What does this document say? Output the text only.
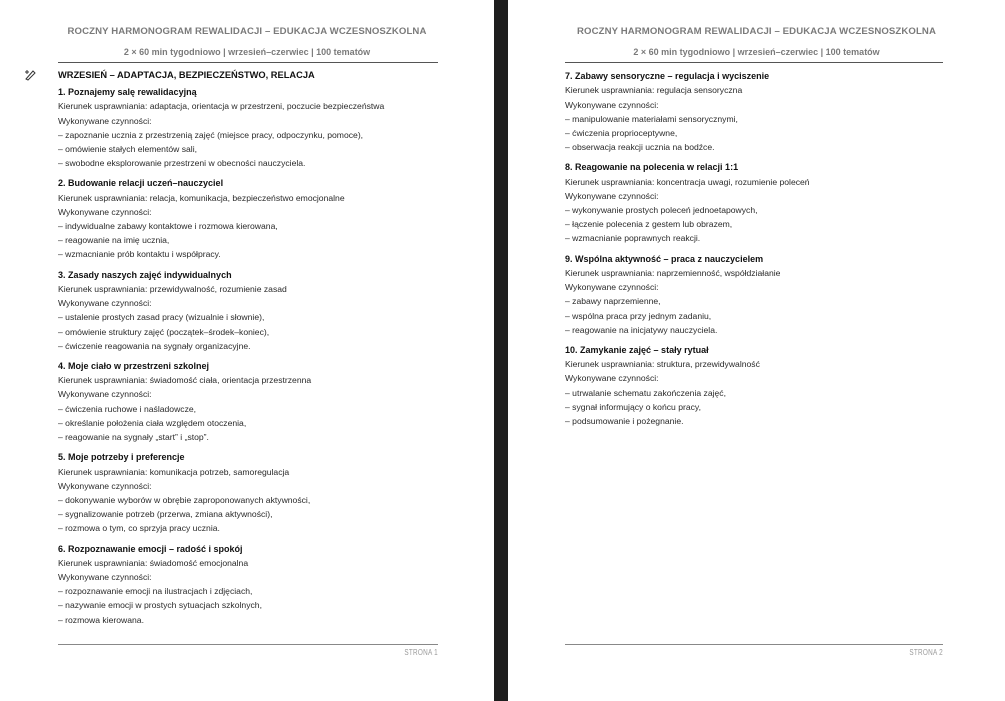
ROCZNY HARMONOGRAM REWALIDACJI – EDUKACJA WCZESNOSZKOLNA
2 × 60 min tygodniowo | wrzesień–czerwiec | 100 tematów
WRZESIEŃ – ADAPTACJA, BEZPIECZEŃSTWO, RELACJA
1. Poznajemy salę rewalidacyjną
Kierunek usprawniania: adaptacja, orientacja w przestrzeni, poczucie bezpieczeństwa
Wykonywane czynności:
– zapoznanie ucznia z przestrzenią zajęć (miejsce pracy, odpoczynku, pomoce),
– omówienie stałych elementów sali,
– swobodne eksplorowanie przestrzeni w obecności nauczyciela.
2. Budowanie relacji uczeń–nauczyciel
Kierunek usprawniania: relacja, komunikacja, bezpieczeństwo emocjonalne
Wykonywane czynności:
– indywidualne zabawy kontaktowe i rozmowa kierowana,
– reagowanie na imię ucznia,
– wzmacnianie prób kontaktu i współpracy.
3. Zasady naszych zajęć indywidualnych
Kierunek usprawniania: przewidywalność, rozumienie zasad
Wykonywane czynności:
– ustalenie prostych zasad pracy (wizualnie i słownie),
– omówienie struktury zajęć (początek–środek–koniec),
– ćwiczenie reagowania na sygnały organizacyjne.
4. Moje ciało w przestrzeni szkolnej
Kierunek usprawniania: świadomość ciała, orientacja przestrzenna
Wykonywane czynności:
– ćwiczenia ruchowe i naśladowcze,
– określanie położenia ciała względem otoczenia,
– reagowanie na sygnały „start” i „stop”.
5. Moje potrzeby i preferencje
Kierunek usprawniania: komunikacja potrzeb, samoregulacja
Wykonywane czynności:
– dokonywanie wyborów w obrębie zaproponowanych aktywności,
– sygnalizowanie potrzeb (przerwa, zmiana aktywności),
– rozmowa o tym, co sprzyja pracy ucznia.
6. Rozpoznawanie emocji – radość i spokój
Kierunek usprawniania: świadomość emocjonalna
Wykonywane czynności:
– rozpoznawanie emocji na ilustracjach i zdjęciach,
– nazywanie emocji w prostych sytuacjach szkolnych,
– rozmowa kierowana.
STRONA 1
ROCZNY HARMONOGRAM REWALIDACJI – EDUKACJA WCZESNOSZKOLNA
2 × 60 min tygodniowo | wrzesień–czerwiec | 100 tematów
7. Zabawy sensoryczne – regulacja i wyciszenie
Kierunek usprawniania: regulacja sensoryczna
Wykonywane czynności:
– manipulowanie materiałami sensorycznymi,
– ćwiczenia proprioceptywne,
– obserwacja reakcji ucznia na bodźce.
8. Reagowanie na polecenia w relacji 1:1
Kierunek usprawniania: koncentracja uwagi, rozumienie poleceń
Wykonywane czynności:
– wykonywanie prostych poleceń jednoetapowych,
– łączenie polecenia z gestem lub obrazem,
– wzmacnianie poprawnych reakcji.
9. Wspólna aktywność – praca z nauczycielem
Kierunek usprawniania: naprzemienność, współdziałanie
Wykonywane czynności:
– zabawy naprzemienne,
– wspólna praca przy jednym zadaniu,
– reagowanie na inicjatywy nauczyciela.
10. Zamykanie zajęć – stały rytuał
Kierunek usprawniania: struktura, przewidywalność
Wykonywane czynności:
– utrwalanie schematu zakończenia zajęć,
– sygnał informujący o końcu pracy,
– podsumowanie i pożegnanie.
STRONA 2
